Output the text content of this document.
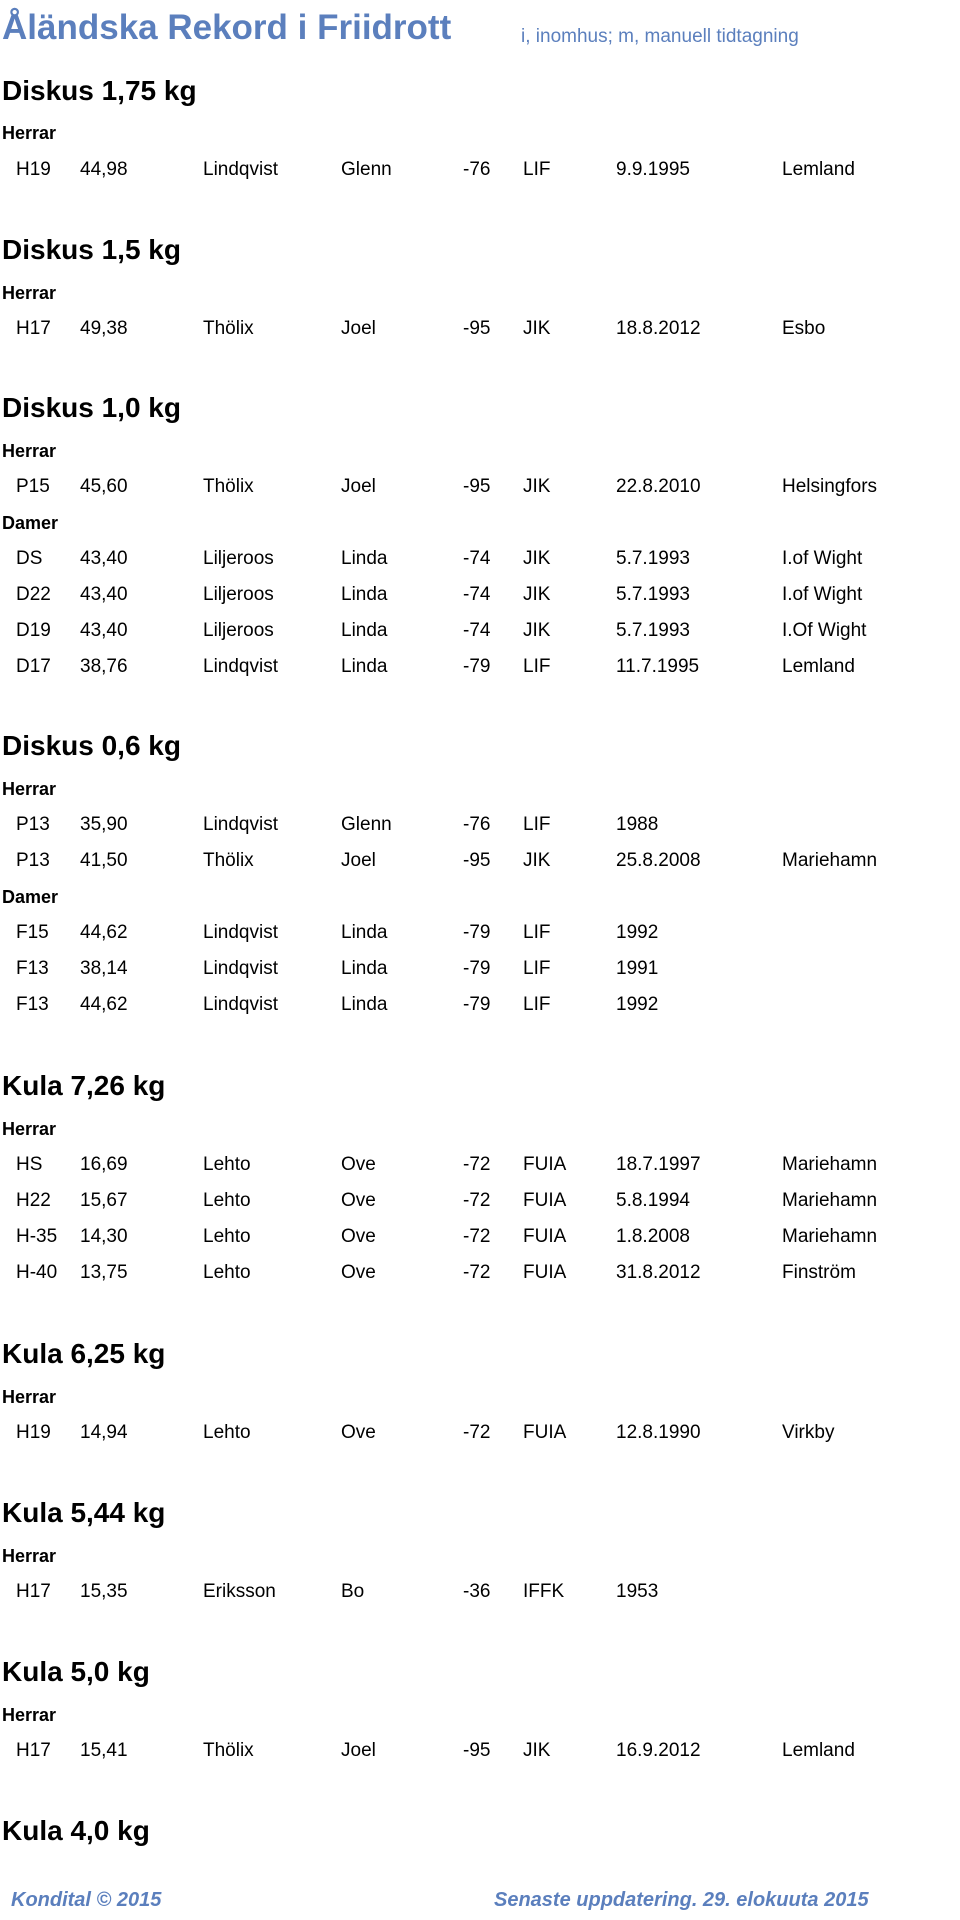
Åländska Rekord i Friidrott	i, inomhus; m, manuell tidtagning
Diskus 1,75 kg
Herrar
H19 44,98	Lindqvist	Glenn	-76 LIF	9.9.1995	Lemland
Diskus 1,5 kg
Herrar
H17 49,38	Thölix	Joel	-95 JIK	18.8.2012	Esbo
Diskus 1,0 kg
Herrar
P15 45,60	Thölix	Joel	-95 JIK	22.8.2010	Helsingfors
Damer
DS 43,40	Liljeroos	Linda	-74 JIK	5.7.1993	I.of Wight
D22 43,40	Liljeroos	Linda	-74 JIK	5.7.1993	I.of Wight
D19 43,40	Liljeroos	Linda	-74 JIK	5.7.1993	I.Of Wight
D17 38,76	Lindqvist	Linda	-79 LIF	11.7.1995	Lemland
Diskus 0,6 kg
Herrar
P13 35,90	Lindqvist	Glenn	-76 LIF	1988
P13 41,50	Thölix	Joel	-95 JIK	25.8.2008	Mariehamn
Damer
F15 44,62	Lindqvist	Linda	-79 LIF	1992
F13 38,14	Lindqvist	Linda	-79 LIF	1991
F13 44,62	Lindqvist	Linda	-79 LIF	1992
Kula 7,26 kg
Herrar
HS 16,69	Lehto	Ove	-72 FUIA	18.7.1997	Mariehamn
H22 15,67	Lehto	Ove	-72 FUIA	5.8.1994	Mariehamn
H-35 14,30	Lehto	Ove	-72 FUIA	1.8.2008	Mariehamn
H-40 13,75	Lehto	Ove	-72 FUIA	31.8.2012	Finström
Kula 6,25 kg
Herrar
H19 14,94	Lehto	Ove	-72 FUIA	12.8.1990	Virkby
Kula 5,44 kg
Herrar
H17 15,35	Eriksson	Bo	-36 IFFK	1953
Kula 5,0 kg
Herrar
H17 15,41	Thölix	Joel	-95 JIK	16.9.2012	Lemland
Kula 4,0 kg
Kondital © 2015	Senaste uppdatering. 29. elokuuta 2015
